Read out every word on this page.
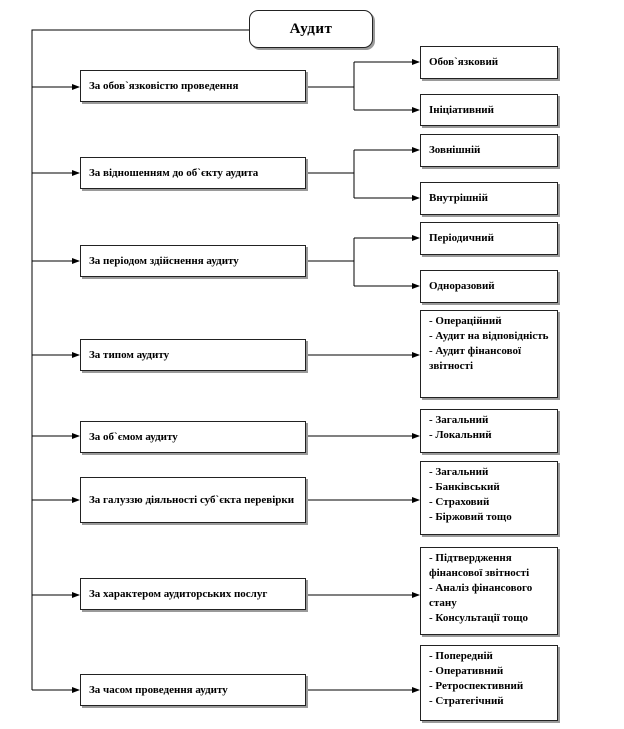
Аудит
За обов`язковістю проведення
За відношенням до об`єкту аудита
За періодом здійснення аудиту
За типом аудиту
За об`ємом аудиту
За галуззю діяльності суб`єкта перевірки
За характером аудиторських послуг
За часом проведення аудиту
Обов`язковий
Ініціативний
Зовнішній
Внутрішній
Періодичний
Одноразовий
- Операційний
- Аудит на відповідність
- Аудит фінансової звітності
- Загальний
- Локальний
- Загальний
- Банківський
- Страховий
- Біржовий тощо
- Підтвердження фінансової звітності
- Аналіз фінансового стану
- Консультації тощо
- Попередній
- Оперативний
- Ретроспективний
- Стратегічний
